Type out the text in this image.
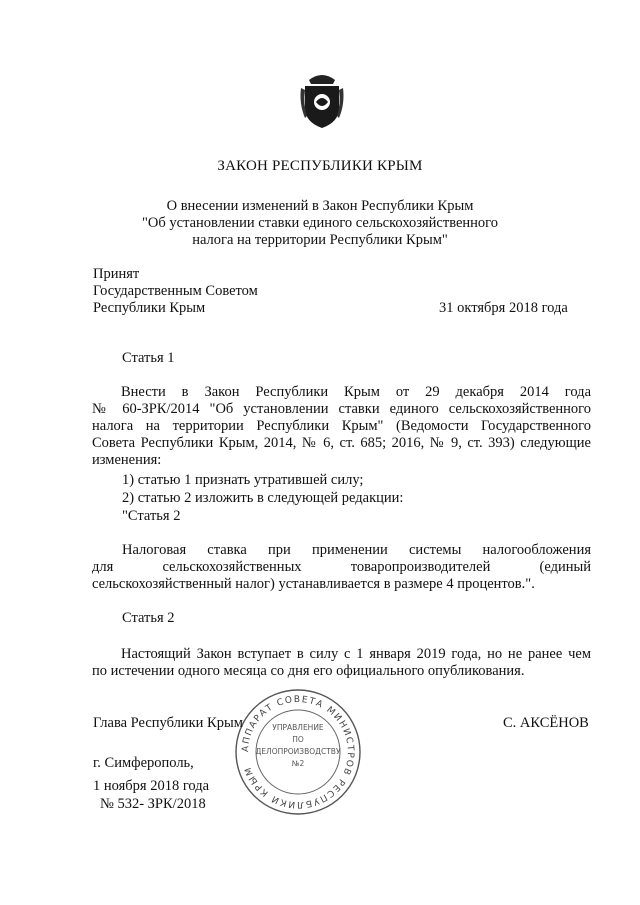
ЗАКОН РЕСПУБЛИКИ КРЫМ
О внесении изменений в Закон Республики Крым
"Об установлении ставки единого сельскохозяйственного
налога на территории Республики Крым"
Принят
Государственным Советом
Республики Крым	31 октября 2018 года
Статья 1
Внести в Закон Республики Крым от 29 декабря 2014 года
№ 60-ЗРК/2014 "Об установлении ставки единого сельскохозяйственного
налога на территории Республики Крым" (Ведомости Государственного
Совета Республики Крым, 2014, № 6, ст. 685; 2016, № 9, ст. 393) следующие
изменения:
1) статью 1 признать утратившей силу;
2) статью 2 изложить в следующей редакции:
"Статья 2
Налоговая ставка при применении системы налогообложения
для сельскохозяйственных товаропроизводителей (единый
сельскохозяйственный налог) устанавливается в размере 4 процентов.".
Статья 2
Настоящий Закон вступает в силу с 1 января 2019 года, но не ранее чем
по истечении одного месяца со дня его официального опубликования.
АППАРАТ СОВЕТА МИНИСТРОВ РЕСПУБЛИКИ КРЫМ
УПРАВЛЕНИЕ
ПО
ДЕЛОПРОИЗВОДСТВУ
№2
Глава Республики Крым	С. АКСЁНОВ
г. Симферополь,
1 ноября 2018 года
№ 532- ЗРК/2018
